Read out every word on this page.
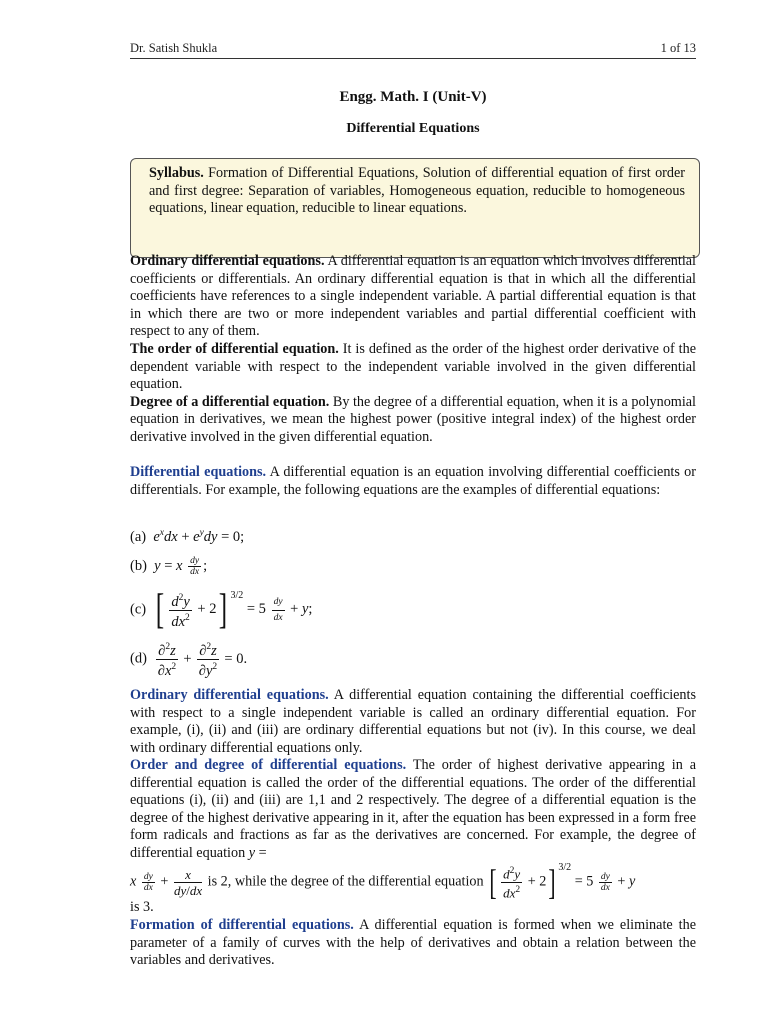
Dr. Satish Shukla	1 of 13
Engg. Math. I (Unit-V)
Differential Equations
Syllabus. Formation of Differential Equations, Solution of differential equation of first order and first degree: Separation of variables, Homogeneous equation, reducible to homogeneous equations, linear equation, reducible to linear equations.
Ordinary differential equations. A differential equation is an equation which involves differential coefficients or differentials. An ordinary differential equation is that in which all the differential coefficients have references to a single independent variable. A partial differential equation is that in which there are two or more independent variables and partial differential coefficient with respect to any of them.
The order of differential equation. It is defined as the order of the highest order derivative of the dependent variable with respect to the independent variable involved in the given differential equation.
Degree of a differential equation. By the degree of a differential equation, when it is a polynomial equation in derivatives, we mean the highest power (positive integral index) of the highest order derivative involved in the given differential equation.
Differential equations. A differential equation is an equation involving differential coefficients or differentials. For example, the following equations are the examples of differential equations:
(a) $e^xdx + e^ydy = 0$;
(b) y = x $\frac{dy}{dx}$ ;
(c) [ $\frac{d^2y}{dx^2} + 2$] $^{3/2} = 5 \frac{dy}{dx} + y$;
$(d) \frac{\partial^2z}{\partial x^2} + \frac{\partial^2z}{\partial y^2} = 0$.
Ordinary differential equations. A differential equation containing the differential coefficients with respect to a single independent variable is called an ordinary differential equation. For example, (i), (ii) and (iii) are ordinary differential equations but not (iv). In this course, we deal with ordinary differential equations only.
Order and degree of differential equations. The order of highest derivative appearing in a differential equation is called the order of the differential equations. The order of the differential equations (i), (ii) and (iii) are 1,1 and 2 respectively. The degree of a differential equation is the degree of the highest derivative appearing in it, after the equation has been expressed in a form free form radicals and fractions as far as the derivatives are concerned. For example, the degree of differential equation y =
x $\frac{dy}{dx} + \frac{x}{dy/dx}$ is 2, while the degree of the differential equation [ $\frac{d^2y}{dx^2} + 2$] $^{3/2} = 5 \frac{dy}{dx} + y$
is 3.
Formation of differential equations. A differential equation is formed when we eliminate the parameter of a family of curves with the help of derivatives and obtain a relation between the variables and derivatives.
